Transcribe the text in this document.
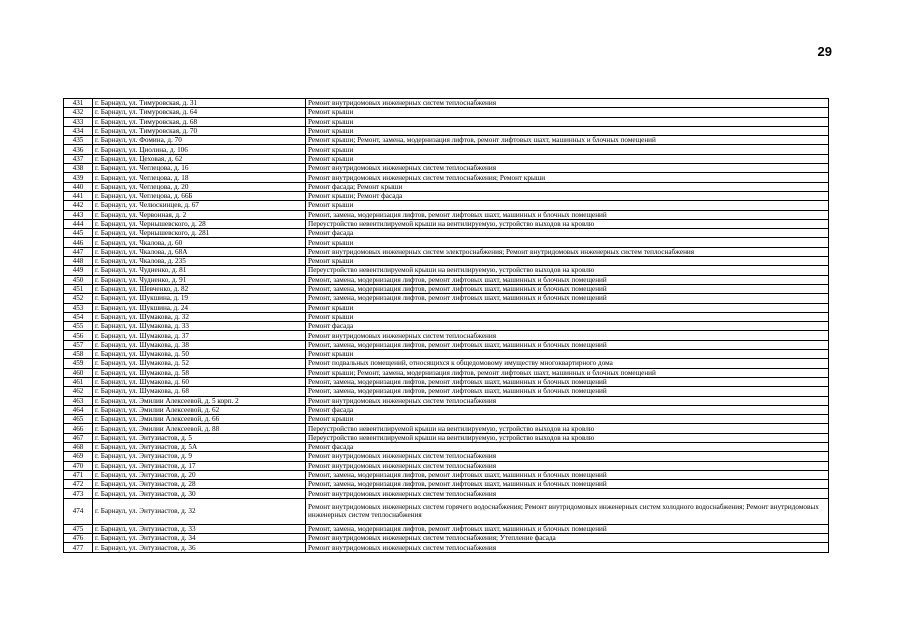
29
431	г. Барнаул, ул. Тимуровская, д. 31	Ремонт внутридомовых инженерных систем теплоснабжения
432	г. Барнаул, ул. Тимуровская, д. 64	Ремонт крыши
433	г. Барнаул, ул. Тимуровская, д. 68	Ремонт крыши
434	г. Барнаул, ул. Тимуровская, д. 70	Ремонт крыши
435	г. Барнаул, ул. Фомина, д. 70	Ремонт крыши; Ремонт, замена, модернизация лифтов, ремонт лифтовых шахт, машинных и блочных помещений
436	г. Барнаул, ул. Циолина, д. 106	Ремонт крыши
437	г. Барнаул, ул. Цеховая, д. 62	Ремонт крыши
438	г. Барнаул, ул. Чеглецова, д. 16	Ремонт внутридомовых инженерных систем теплоснабжения
439	г. Барнаул, ул. Чеглецова, д. 18	Ремонт внутридомовых инженерных систем теплоснабжения; Ремонт крыши
440	г. Барнаул, ул. Чеглецова, д. 20	Ремонт фасада; Ремонт крыши
441	г. Барнаул, ул. Чеглецова, д. 66Б	Ремонт крыши; Ремонт фасада
442	г. Барнаул, ул. Челюскинцев, д. 67	Ремонт крыши
443	г. Барнаул, ул. Червонная, д. 2	Ремонт, замена, модернизация лифтов, ремонт лифтовых шахт, машинных и блочных помещений
444	г. Барнаул, ул. Чернышевского, д. 28	Переустройство невентилируемой крыши на вентилируемую, устройство выходов на кровлю
445	г. Барнаул, ул. Чернышевского, д. 281	Ремонт фасада
446	г. Барнаул, ул. Чкалова, д. 60	Ремонт крыши
447	г. Барнаул, ул. Чкалова, д. 68А	Ремонт внутридомовых инженерных систем электроснабжения; Ремонт внутридомовых инженерных систем теплоснабжения
448	г. Барнаул, ул. Чкалова, д. 235	Ремонт крыши
449	г. Барнаул, ул. Чудненко, д. 81	Переустройство невентилируемой крыши на вентилируемую, устройство выходов на кровлю
450	г. Барнаул, ул. Чудненко, д. 91	Ремонт, замена, модернизация лифтов, ремонт лифтовых шахт, машинных и блочных помещений
451	г. Барнаул, ул. Шевченко, д. 82	Ремонт, замена, модернизация лифтов, ремонт лифтовых шахт, машинных и блочных помещений
452	г. Барнаул, ул. Шукшина, д. 19	Ремонт, замена, модернизация лифтов, ремонт лифтовых шахт, машинных и блочных помещений
453	г. Барнаул, ул. Шукшина, д. 24	Ремонт крыши
454	г. Барнаул, ул. Шумакова, д. 32	Ремонт крыши
455	г. Барнаул, ул. Шумакова, д. 33	Ремонт фасада
456	г. Барнаул, ул. Шумакова, д. 37	Ремонт внутридомовых инженерных систем теплоснабжения
457	г. Барнаул, ул. Шумакова, д. 38	Ремонт, замена, модернизация лифтов, ремонт лифтовых шахт, машинных и блочных помещений
458	г. Барнаул, ул. Шумакова, д. 50	Ремонт крыши
459	г. Барнаул, ул. Шумакова, д. 52	Ремонт подвальных помещений, относящихся к общедомовому имуществу многоквартирного дома
460	г. Барнаул, ул. Шумакова, д. 58	Ремонт крыши; Ремонт, замена, модернизация лифтов, ремонт лифтовых шахт, машинных и блочных помещений
461	г. Барнаул, ул. Шумакова, д. 60	Ремонт, замена, модернизация лифтов, ремонт лифтовых шахт, машинных и блочных помещений
462	г. Барнаул, ул. Шумакова, д. 68	Ремонт, замена, модернизация лифтов, ремонт лифтовых шахт, машинных и блочных помещений
463	г. Барнаул, ул. Эмилии Алексеевой, д. 5 корп. 2	Ремонт внутридомовых инженерных систем теплоснабжения
464	г. Барнаул, ул. Эмилии Алексеевой, д. 62	Ремонт фасада
465	г. Барнаул, ул. Эмилии Алексеевой, д. 66	Ремонт крыши
466	г. Барнаул, ул. Эмилии Алексеевой, д. 88	Переустройство невентилируемой крыши на вентилируемую, устройство выходов на кровлю
467	г. Барнаул, ул. Энтузиастов, д. 5	Переустройство невентилируемой крыши на вентилируемую, устройство выходов на кровлю
468	г. Барнаул, ул. Энтузиастов, д. 5А	Ремонт фасада
469	г. Барнаул, ул. Энтузиастов, д. 9	Ремонт внутридомовых инженерных систем теплоснабжения
470	г. Барнаул, ул. Энтузиастов, д. 17	Ремонт внутридомовых инженерных систем теплоснабжения
471	г. Барнаул, ул. Энтузиастов, д. 20	Ремонт, замена, модернизация лифтов, ремонт лифтовых шахт, машинных и блочных помещений
472	г. Барнаул, ул. Энтузиастов, д. 28	Ремонт, замена, модернизация лифтов, ремонт лифтовых шахт, машинных и блочных помещений
473	г. Барнаул, ул. Энтузиастов, д. 30	Ремонт внутридомовых инженерных систем теплоснабжения
474	г. Барнаул, ул. Энтузиастов, д. 32	Ремонт внутридомовых инженерных систем горячего водоснабжения; Ремонт внутридомовых инженерных систем холодного водоснабжения; Ремонт внутридомовых инженерных систем теплоснабжения
475	г. Барнаул, ул. Энтузиастов, д. 33	Ремонт, замена, модернизация лифтов, ремонт лифтовых шахт, машинных и блочных помещений
476	г. Барнаул, ул. Энтузиастов, д. 34	Ремонт внутридомовых инженерных систем теплоснабжения; Утепление фасада
477	г. Барнаул, ул. Энтузиастов, д. 36	Ремонт внутридомовых инженерных систем теплоснабжения
